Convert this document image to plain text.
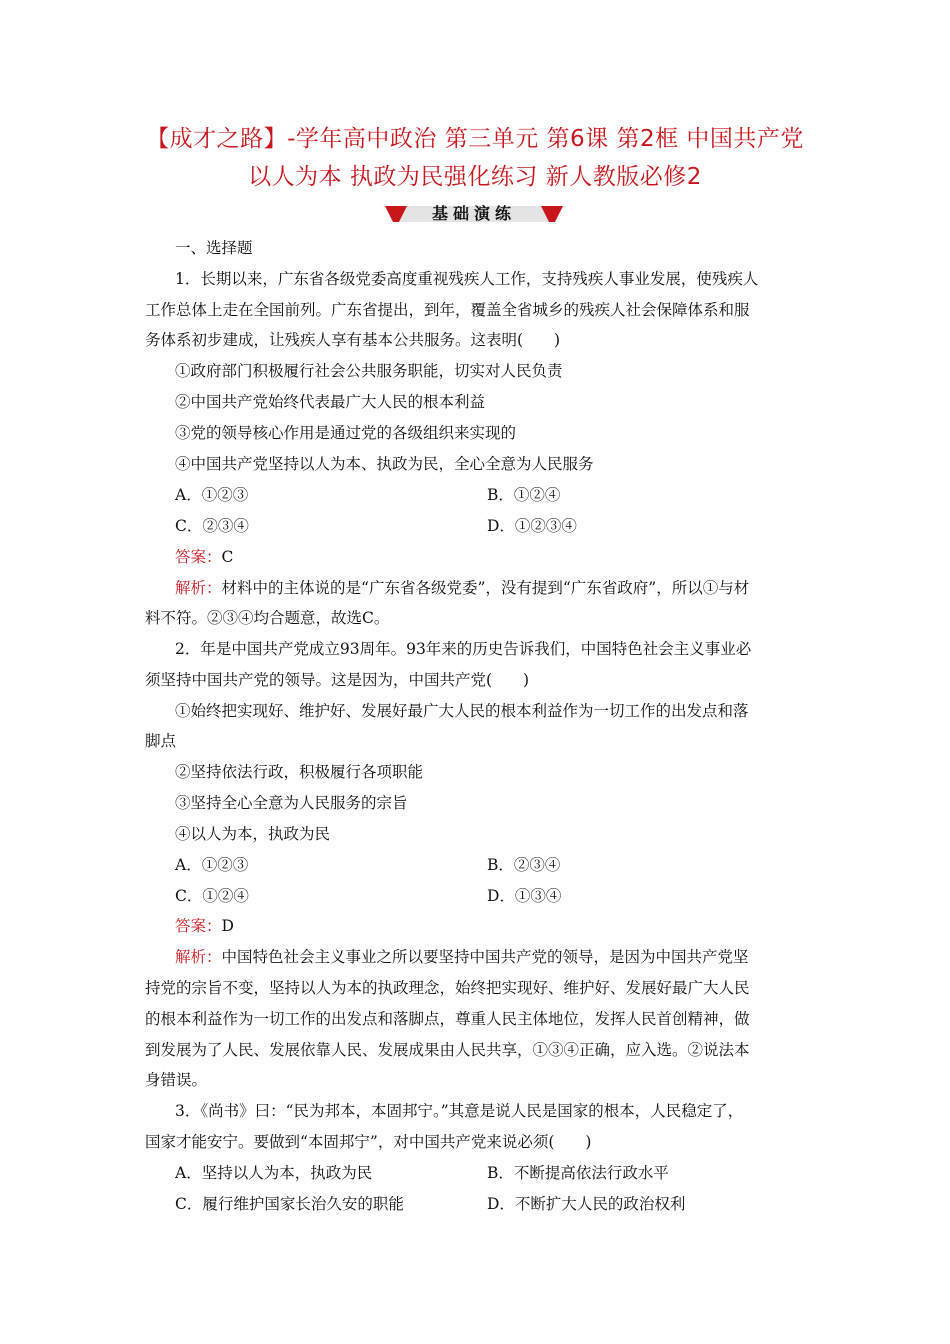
【成才之路】-学年高中政治 第三单元 第6课 第2框 中国共产党
以人为本 执政为民强化练习 新人教版必修2
基础演练
一、选择题
1．长期以来，广东省各级党委高度重视残疾人工作，支持残疾人事业发展，使残疾人
工作总体上走在全国前列。广东省提出，到年，覆盖全省城乡的残疾人社会保障体系和服
务体系初步建成，让残疾人享有基本公共服务。这表明(　　)
①政府部门积极履行社会公共服务职能，切实对人民负责
②中国共产党始终代表最广大人民的根本利益
③党的领导核心作用是通过党的各级组织来实现的
④中国共产党坚持以人为本、执政为民，全心全意为人民服务
A．①②③	B．①②④
C．②③④	D．①②③④
答案：C
解析：材料中的主体说的是“广东省各级党委”，没有提到“广东省政府”，所以①与材
料不符。②③④均合题意，故选C。
2．年是中国共产党成立93周年。93年来的历史告诉我们，中国特色社会主义事业必
须坚持中国共产党的领导。这是因为，中国共产党(　　)
①始终把实现好、维护好、发展好最广大人民的根本利益作为一切工作的出发点和落
脚点
②坚持依法行政，积极履行各项职能
③坚持全心全意为人民服务的宗旨
④以人为本，执政为民
A．①②③	B．②③④
C．①②④	D．①③④
答案：D
解析：中国特色社会主义事业之所以要坚持中国共产党的领导，是因为中国共产党坚
持党的宗旨不变，坚持以人为本的执政理念，始终把实现好、维护好、发展好最广大人民
的根本利益作为一切工作的出发点和落脚点，尊重人民主体地位，发挥人民首创精神，做
到发展为了人民、发展依靠人民、发展成果由人民共享，①③④正确，应入选。②说法本
身错误。
3．《尚书》曰：“民为邦本，本固邦宁。”其意是说人民是国家的根本，人民稳定了，
国家才能安宁。要做到“本固邦宁”，对中国共产党来说必须(　　)
A．坚持以人为本，执政为民	B．不断提高依法行政水平
C．履行维护国家长治久安的职能	D．不断扩大人民的政治权利
